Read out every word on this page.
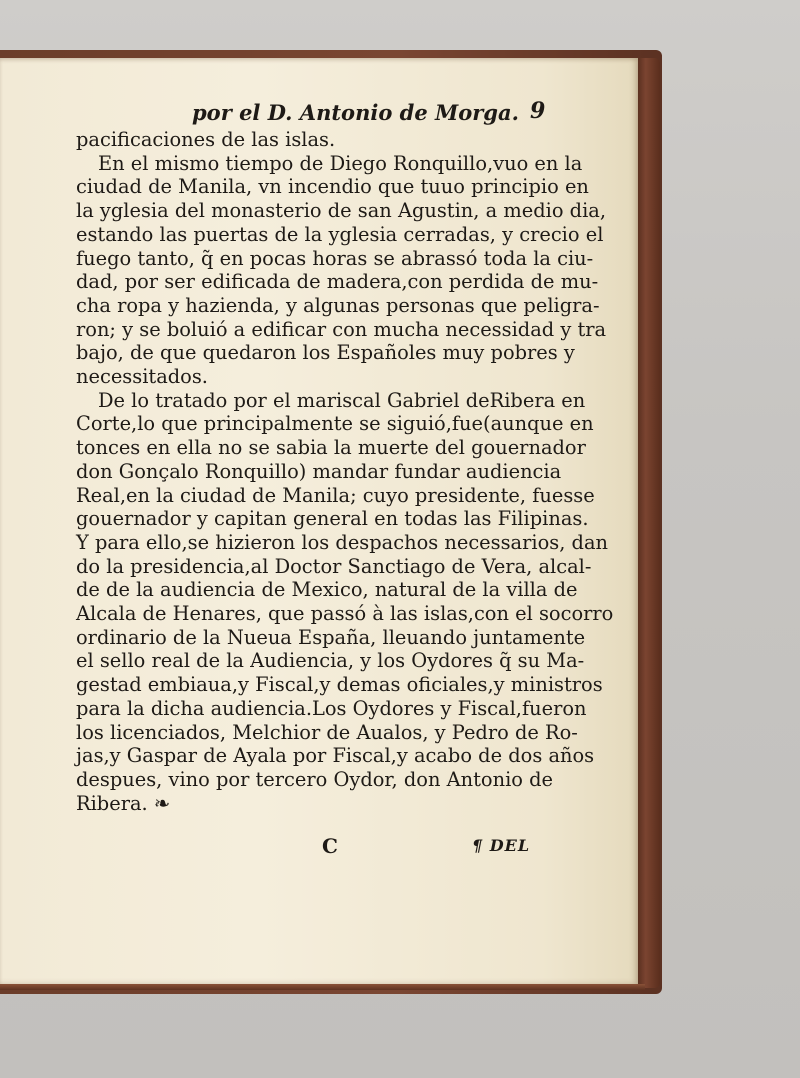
por el D. Antonio de Morga. 9
pacificaciones de las islas.
En el mismo tiempo de Diego Ronquillo,vuo en la
ciudad de Manila, vn incendio que tuuo principio en
la yglesia del monasterio de san Agustin, a medio dia,
estando las puertas de la yglesia cerradas, y crecio el
fuego tanto, q̃ en pocas horas se abrassó toda la ciu-
dad, por ser edificada de madera,con perdida de mu-
cha ropa y hazienda, y algunas personas que peligra-
ron; y se boluió a edificar con mucha necessidad y tra
bajo, de que quedaron los Españoles muy pobres y
necessitados.
De lo tratado por el mariscal Gabriel deRibera en
Corte,lo que principalmente se siguió,fue(aunque en
tonces en ella no se sabia la muerte del gouernador
don Gonçalo Ronquillo) mandar fundar audiencia
Real,en la ciudad de Manila; cuyo presidente, fuesse
gouernador y capitan general en todas las Filipinas.
Y para ello,se hizieron los despachos necessarios, dan
do la presidencia,al Doctor Sanctiago de Vera, alcal-
de de la audiencia de Mexico, natural de la villa de
Alcala de Henares, que passó à las islas,con el socorro
ordinario de la Nueua España, lleuando juntamente
el sello real de la Audiencia, y los Oydores q̃ su Ma-
gestad embiaua,y Fiscal,y demas oficiales,y ministros
para la dicha audiencia.Los Oydores y Fiscal,fueron
los licenciados, Melchior de Aualos, y Pedro de Ro-
jas,y Gaspar de Ayala por Fiscal,y acabo de dos años
despues, vino por tercero Oydor, don Antonio de
Ribera. ❧
C	¶ DEL
